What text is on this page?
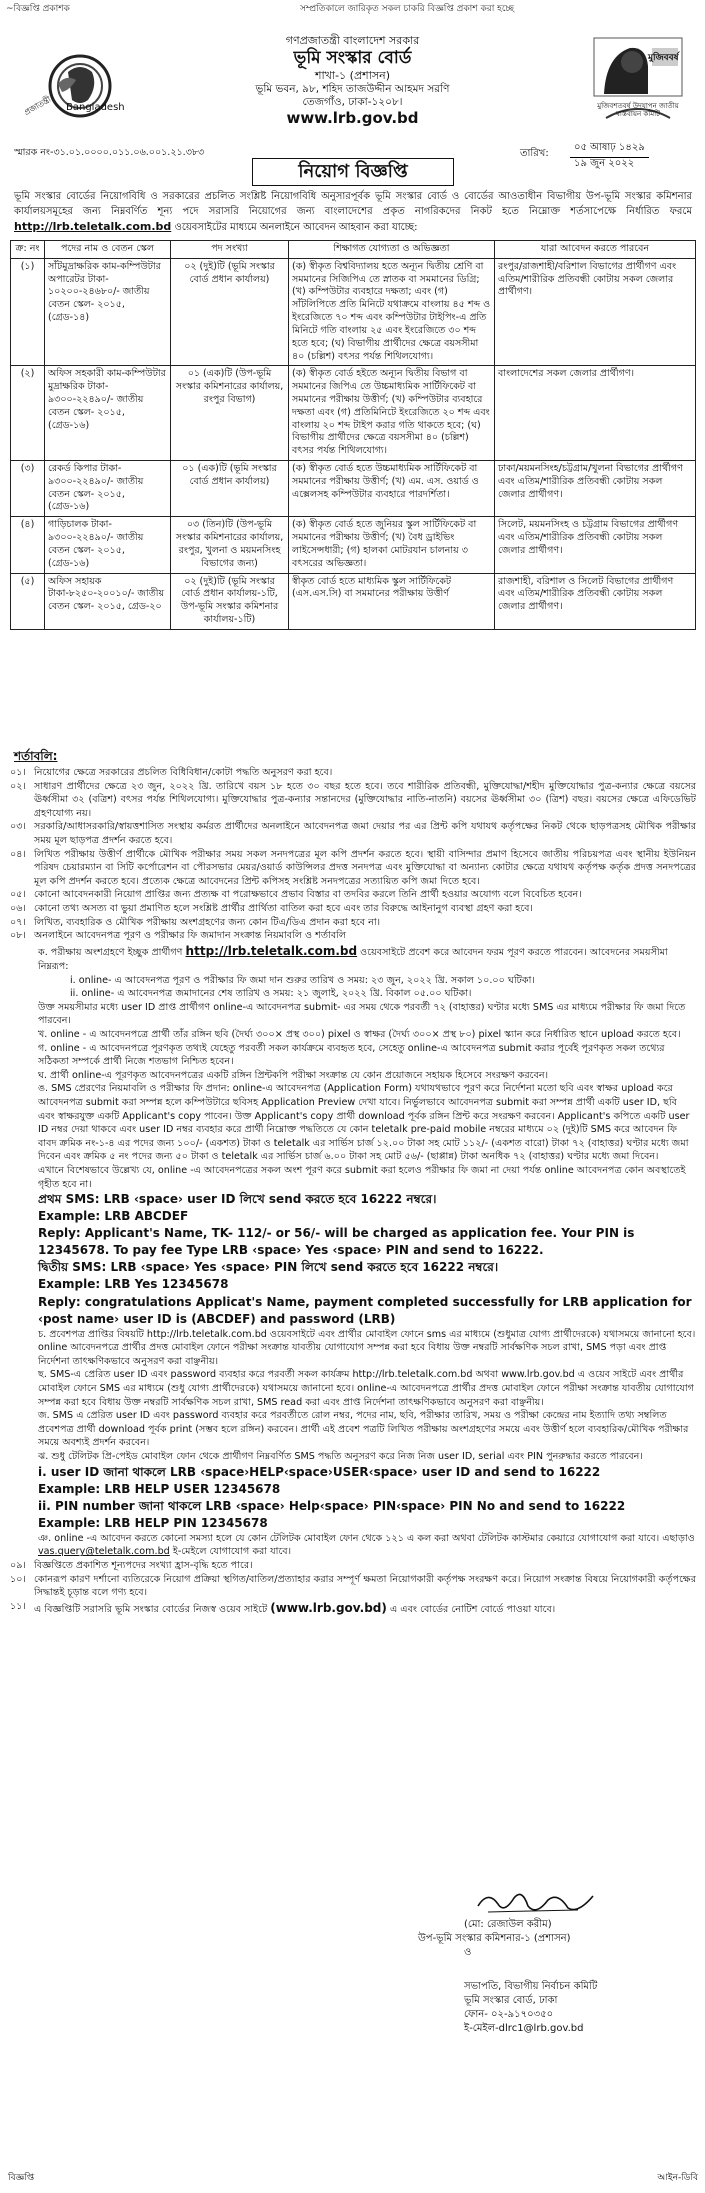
~বিজ্ঞপ্তি প্রকাশক	সম্প্রতিকালে জারিকৃত সকল চাকরি বিজ্ঞপ্তি প্রকাশ করা হচ্ছে
প্রজাতন্ত্রী Bangladesh
গণপ্রজাতন্ত্রী বাংলাদেশ সরকার
ভূমি সংস্কার বোর্ড
শাখা-১ (প্রশাসন)
ভূমি ভবন, ৯৮, শহিদ তাজউদ্দীন আহমদ সরণি
তেজগাঁও, ঢাকা-১২০৮।
www.lrb.gov.bd
মুজিববর্ষ
মুজিবশতবর্ষ উদযাপন জাতীয় বাস্তবায়ন কমিটি
স্মারক নং-৩১.০১.০০০০.০১১.০৬.০০১.২১.৩৮৩	তারিখ:
০৫ আষাঢ় ১৪২৯
১৯ জুন ২০২২
নিয়োগ বিজ্ঞপ্তি
ভূমি সংস্কার বোর্ডের নিয়োগবিধি ও সরকারের প্রচলিত সংশ্লিষ্ট নিয়োগবিধি অনুসারপূর্বক ভূমি সংস্কার বোর্ড ও বোর্ডের আওতাধীন বিভাগীয় উপ-ভূমি সংস্কার কমিশনার কার্যালয়সমূহের জন্য নিম্নবর্ণিত শূন্য পদে সরাসরি নিয়োগের জন্য বাংলাদেশের প্রকৃত নাগরিকদের নিকট হতে নিম্নোক্ত শর্তসাপেক্ষে নির্ধারিত ফরমে http://lrb.teletalk.com.bd ওয়েবসাইটের মাধ্যমে অনলাইনে আবেদন আহবান করা যাচ্ছে:
ক্র: নং	পদের নাম ও বেতন স্কেল	পদ সংখ্যা	শিক্ষাগত যোগ্যতা ও অভিজ্ঞতা	যারা আবেদন করতে পারবেন
(১)	সাঁটমুদ্রাক্ষরিক কাম-কম্পিউটার অপারেটর টাকা- ১০২০০-২৪৬৮০/- জাতীয় বেতন স্কেল- ২০১৫, (গ্রেড-১৪)	০২ (দুই)টি (ভূমি সংস্কার বোর্ড প্রধান কার্যালয়)	(ক) স্বীকৃত বিশ্ববিদ্যালয় হতে অন্যূন দ্বিতীয় শ্রেণি বা সমমানের সিজিপিএ তে স্নাতক বা সমমানের ডিগ্রি; (খ) কম্পিউটার ব্যবহারে দক্ষতা; এবং (গ) সাঁটলিপিতে প্রতি মিনিটে যথাক্রমে বাংলায় ৪৫ শব্দ ও ইংরেজিতে ৭০ শব্দ এবং কম্পিউটার টাইপিং-এ প্রতি মিনিটে গতি বাংলায় ২৫ এবং ইংরেজিতে ৩০ শব্দ হতে হবে; (ঘ) বিভাগীয় প্রার্থীদের ক্ষেত্রে বয়সসীমা ৪০ (চল্লিশ) বৎসর পর্যন্ত শিথিলযোগ্য।	রংপুর/রাজশাহী/বরিশাল বিভাগের প্রার্থীগণ এবং এতিম/শারীরিক প্রতিবন্ধী কোটায় সকল জেলার প্রার্থীগণ।
(২)	অফিস সহকারী কাম-কম্পিউটার মুদ্রাক্ষরিক টাকা- ৯৩০০-২২৪৯০/- জাতীয় বেতন স্কেল- ২০১৫, (গ্রেড-১৬)	০১ (এক)টি (উপ-ভূমি সংস্কার কমিশনারের কার্যালয়, রংপুর বিভাগ)	(ক) স্বীকৃত বোর্ড হইতে অন্যূন দ্বিতীয় বিভাগ বা সমমানের জিপিএ তে উচ্চমাধ্যমিক সার্টিফিকেট বা সমমানের পরীক্ষায় উত্তীর্ণ; (খ) কম্পিউটার ব্যবহারে দক্ষতা এবং (গ) প্রতিমিনিটে ইংরেজিতে ২০ শব্দ এবং বাংলায় ২০ শব্দ টাইপ করার গতি থাকতে হবে; (ঘ) বিভাগীয় প্রার্থীদের ক্ষেত্রে বয়সসীমা ৪০ (চল্লিশ) বৎসর পর্যন্ত শিথিলযোগ্য।	বাংলাদেশের সকল জেলার প্রার্থীগণ।
(৩)	রেকর্ড কিপার টাকা- ৯৩০০-২২৪৯০/- জাতীয় বেতন স্কেল- ২০১৫, (গ্রেড-১৬)	০১ (এক)টি (ভূমি সংস্কার বোর্ড প্রধান কার্যালয়)	(ক) স্বীকৃত বোর্ড হতে উচ্চমাধ্যমিক সার্টিফিকেট বা সমমানের পরীক্ষায় উত্তীর্ণ; (খ) এম. এস. ওয়ার্ড ও এক্সেলসহ কম্পিউটার ব্যবহারে পারদর্শিতা।	ঢাকা/ময়মনসিংহ/চট্টগ্রাম/খুলনা বিভাগের প্রার্থীগণ এবং এতিম/শারীরিক প্রতিবন্ধী কোটায় সকল জেলার প্রার্থীগণ।
(৪)	গাড়িচালক টাকা- ৯৩০০-২২৪৯০/- জাতীয় বেতন স্কেল- ২০১৫, (গ্রেড-১৬)	০৩ (তিন)টি (উপ-ভূমি সংস্কার কমিশনারের কার্যালয়, রংপুর, খুলনা ও ময়মনসিংহ বিভাগের জন্য)	(ক) স্বীকৃত বোর্ড হতে জুনিয়র স্কুল সার্টিফিকেট বা সমমানের পরীক্ষায় উত্তীর্ণ; (খ) বৈধ ড্রাইভিং লাইসেন্সধারী; (গ) হালকা মোটরযান চালনায় ৩ বৎসরের অভিজ্ঞতা।	সিলেট, ময়মনসিংহ ও চট্টগ্রাম বিভাগের প্রার্থীগণ এবং এতিম/শারীরিক প্রতিবন্ধী কোটায় সকল জেলার প্রার্থীগণ।
(৫)	অফিস সহায়ক টাকা-৮২৫০-২০০১০/- জাতীয় বেতন স্কেল- ২০১৫, গ্রেড-২০	০২ (দুই)টি (ভূমি সংস্কার বোর্ড প্রধান কার্যালয়-১টি, উপ-ভূমি সংস্কার কমিশনার কার্যালয়-১টি)	স্বীকৃত বোর্ড হতে মাধ্যমিক স্কুল সার্টিফিকেট (এস.এস.সি) বা সমমানের পরীক্ষায় উত্তীর্ণ	রাজশাহী, বরিশাল ও সিলেট বিভাগের প্রার্থীগণ এবং এতিম/শারীরিক প্রতিবন্ধী কোটায় সকল জেলার প্রার্থীগণ।
শর্তাবলি:
০১। নিয়োগের ক্ষেত্রে সরকারের প্রচলিত বিধিবিধান/কোটা পদ্ধতি অনুসরণ করা হবে।
০২। সাধারণ প্রার্থীদের ক্ষেত্রে ২৩ জুন, ২০২২ খ্রি. তারিখে বয়স ১৮ হতে ৩০ বছর হতে হবে। তবে শারীরিক প্রতিবন্ধী, মুক্তিযোদ্ধা/শহীদ মুক্তিযোদ্ধার পুত্র-কন্যার ক্ষেত্রে বয়সের ঊর্ধ্বসীমা ৩২ (বত্রিশ) বৎসর পর্যন্ত শিথিলযোগ্য। মুক্তিযোদ্ধার পুত্র-কন্যার সন্তানদের (মুক্তিযোদ্ধার নাতি-নাতনি) বয়সের ঊর্ধ্বসীমা ৩০ (ত্রিশ) বছর। বয়সের ক্ষেত্রে এফিডেভিট গ্রহণযোগ্য নয়।
০৩। সরকারি/আধাসরকারি/স্বায়ত্তশাসিত সংস্থায় কর্মরত প্রার্থীদের অনলাইনে আবেদনপত্র জমা দেয়ার পর এর প্রিন্ট কপি যথাযথ কর্তৃপক্ষের নিকট থেকে ছাড়পত্রসহ মৌখিক পরীক্ষার সময় মূল ছাড়পত্র প্রদর্শন করতে হবে।
০৪। লিখিত পরীক্ষায় উত্তীর্ণ প্রার্থীকে মৌখিক পরীক্ষার সময় সকল সনদপত্রের মূল কপি প্রদর্শন করতে হবে। স্থায়ী বাসিন্দার প্রমাণ হিসেবে জাতীয় পরিচয়পত্র এবং স্থানীয় ইউনিয়ন পরিষদ চেয়ারম্যান বা সিটি কর্পোরেশন বা পৌরসভার মেয়র/ওয়ার্ড কাউন্সিলর প্রদত্ত সনদপত্র এবং মুক্তিযোদ্ধা বা অন্যান্য কোটার ক্ষেত্রে যথাযথ কর্তৃপক্ষ কর্তৃক প্রদত্ত সনদপত্রের মূল কপি প্রদর্শন করতে হবে। প্রত্যেক ক্ষেত্রে আবেদনের প্রিন্ট কপিসহ সংশ্লিষ্ট সনদপত্রের সত্যায়িত কপি জমা দিতে হবে।
০৫। কোনো আবেদনকারী নিয়োগ প্রাপ্তির জন্য প্রত্যক্ষ বা পরোক্ষভাবে প্রভাব বিস্তার বা তদবির করলে তিনি প্রার্থী হওয়ার অযোগ্য বলে বিবেচিত হবেন।
০৬। কোনো তথ্য অসত্য বা ভুয়া প্রমাণিত হলে সংশ্লিষ্ট প্রার্থীর প্রার্থিতা বাতিল করা হবে এবং তার বিরুদ্ধে আইনানুগ ব্যবস্থা গ্রহণ করা হবে।
০৭। লিখিত, ব্যবহারিক ও মৌখিক পরীক্ষায় অংশগ্রহণের জন্য কোন টিএ/ডিএ প্রদান করা হবে না।
০৮। অনলাইনে আবেদনপত্র পূরণ ও পরীক্ষার ফি জমাদান সংক্রান্ত নিয়মাবলি ও শর্তাবলি
ক. পরীক্ষায় অংশগ্রহণে ইচ্ছুক প্রার্থীগণ http://lrb.teletalk.com.bd ওয়েবসাইটে প্রবেশ করে আবেদন ফরম পূরণ করতে পারবেন। আবেদনের সময়সীমা নিম্নরূপ:
i. online- এ আবেদনপত্র পূরণ ও পরীক্ষার ফি জমা দান শুরুর তারিখ ও সময়: ২৩ জুন, ২০২২ খ্রি. সকাল ১০.০০ ঘটিকা।
ii. online- এ আবেদনপত্র জমাদানের শেষ তারিখ ও সময়: ২১ জুলাই, ২০২২ খ্রি. বিকাল ০৫.০০ ঘটিকা।
উক্ত সময়সীমার মধ্যে user ID প্রাপ্ত প্রার্থীগণ online-এ আবেদনপত্র submit- এর সময় থেকে পরবর্তী ৭২ (বাহাত্তর) ঘণ্টার মধ্যে SMS এর মাধ্যমে পরীক্ষার ফি জমা দিতে পারবেন।
খ. online - এ আবেদনপত্রে প্রার্থী তাঁর রঙ্গিন ছবি (দৈর্ঘ্য ৩০০× প্রস্থ ৩০০) pixel ও স্বাক্ষর (দৈর্ঘ্য ৩০০× প্রস্থ ৮০) pixel স্ক্যান করে নির্ধারিত স্থানে upload করতে হবে।
গ. online - এ আবেদনপত্রে পূরণকৃত তথ্যই যেহেতু পরবর্তী সকল কার্যক্রমে ব্যবহৃত হবে, সেহেতু online-এ আবেদনপত্র submit করার পূর্বেই পূরণকৃত সকল তথ্যের সঠিকতা সম্পর্কে প্রার্থী নিজে শতভাগ নিশ্চিত হবেন।
ঘ. প্রার্থী online-এ পূরণকৃত আবেদনপত্রের একটি রঙ্গিন প্রিন্টকপি পরীক্ষা সংক্রান্ত যে কোন প্রয়োজনে সহায়ক হিসেবে সংরক্ষণ করবেন।
ঙ. SMS প্রেরণের নিয়মাবলি ও পরীক্ষার ফি প্রদান: online-এ আবেদনপত্র (Application Form) যথাযথভাবে পূরণ করে নির্দেশনা মতো ছবি এবং স্বাক্ষর upload করে আবেদনপত্র submit করা সম্পন্ন হলে কম্পিউটারে ছবিসহ Application Preview দেখা যাবে। নির্ভুলভাবে আবেদনপত্র submit করা সম্পন্ন প্রার্থী একটি user ID, ছবি এবং স্বাক্ষরযুক্ত একটি Applicant's copy পাবেন। উক্ত Applicant's copy প্রার্থী download পূর্বক রঙ্গিন প্রিন্ট করে সংরক্ষণ করবেন। Applicant's কপিতে একটি user ID নম্বর দেয়া থাকবে এবং user ID নম্বর ব্যবহার করে প্রার্থী নিম্নোক্ত পদ্ধতিতে যে কোন teletalk pre-paid mobile নম্বরের মাধ্যমে ০২ (দুই)টি SMS করে আবেদন ফি বাবদ ক্রমিক নং-১-৪ এর পদের জন্য ১০০/- (একশত) টাকা ও teletalk এর সার্ভিস চার্জ ১২.০০ টাকা সহ মোট ১১২/- (একশত বারো) টাকা ৭২ (বাহাত্তর) ঘণ্টার মধ্যে জমা দিবেন এবং ক্রমিক ৫ নং পদের জন্য ৫০ টাকা ও teletalk এর সার্ভিস চার্জ ৬.০০ টাকা সহ মোট ৫৬/- (ছাপ্পান্ন) টাকা অনধিক ৭২ (বাহাত্তর) ঘণ্টার মধ্যে জমা দিবেন।
এখানে বিশেষভাবে উল্লেখ্য যে, online -এ আবেদনপত্রের সকল অংশ পূরণ করে submit করা হলেও পরীক্ষার ফি জমা না দেয়া পর্যন্ত online আবেদনপত্র কোন অবস্থাতেই গৃহীত হবে না।
প্রথম SMS: LRB ‹space› user ID লিখে send করতে হবে 16222 নম্বরে।
Example: LRB ABCDEF
Reply: Applicant's Name, TK- 112/- or 56/- will be charged as application fee. Your PIN is 12345678. To pay fee Type LRB ‹space› Yes ‹space› PIN and send to 16222.
দ্বিতীয় SMS: LRB ‹space› Yes ‹space› PIN লিখে send করতে হবে 16222 নম্বরে।
Example: LRB Yes 12345678
Reply: congratulations Applicat's Name, payment completed successfully for LRB application for ‹post name› user ID is (ABCDEF) and password (LRB)
চ. প্রবেশপত্র প্রাপ্তির বিষয়টি http://lrb.teletalk.com.bd ওয়েবসাইটে এবং প্রার্থীর মোবাইল ফোনে sms এর মাধ্যমে (শুধুমাত্র যোগ্য প্রার্থীদেরকে) যথাসময়ে জানানো হবে। online আবেদনপত্রে প্রার্থীর প্রদত্ত মোবাইল ফোনে পরীক্ষা সংক্রান্ত যাবতীয় যোগাযোগ সম্পন্ন করা হবে বিধায় উক্ত নম্বরটি সার্বক্ষণিক সচল রাখা, SMS পড়া এবং প্রাপ্ত নির্দেশনা তাৎক্ষণিকভাবে অনুসরণ করা বাঞ্ছনীয়।
ছ. SMS-এ প্রেরিত user ID এবং password ব্যবহার করে পরবর্তী সকল কার্যক্রম http://lrb.teletalk.com.bd অথবা www.lrb.gov.bd এ ওয়েব সাইটে এবং প্রার্থীর মোবাইল ফোনে SMS এর মাধ্যমে (শুধু যোগ্য প্রার্থীদেরকে) যথাসময়ে জানানো হবে। online-এ আবেদনপত্রে প্রার্থীর প্রদত্ত মোবাইল ফোনে পরীক্ষা সংক্রান্ত যাবতীয় যোগাযোগ সম্পন্ন করা হবে বিধায় উক্ত নম্বরটি সার্বক্ষণিক সচল রাখা, SMS read করা এবং প্রাপ্ত নির্দেশনা তাৎক্ষণিকভাবে অনুসরণ করা বাঞ্ছনীয়।
জ. SMS এ প্রেরিত user ID এবং password ব্যবহার করে পরবর্তীতে রোল নম্বর, পদের নাম, ছবি, পরীক্ষার তারিখ, সময় ও পরীক্ষা কেন্দ্রের নাম ইত্যাদি তথ্য সম্বলিত প্রবেশপত্র প্রার্থী download পূর্বক print (সম্ভব হলে রঙ্গিন) করবেন। প্রার্থী এই প্রবেশ পত্রটি লিখিত পরীক্ষায় অংশগ্রহণের সময়ে এবং উত্তীর্ণ হলে ব্যবহারিক/মৌখিক পরীক্ষার সময়ে অবশ্যই প্রদর্শন করবেন।
ঝ. শুধু টেলিটক প্রি-পেইড মোবাইল ফোন থেকে প্রার্থীগণ নিম্নবর্ণিত SMS পদ্ধতি অনুসরণ করে নিজ নিজ user ID, serial এবং PIN পুনরুদ্ধার করতে পারবেন।
i. user ID জানা থাকলে LRB ‹space›HELP‹space›USER‹space› user ID and send to 16222
Example: LRB HELP USER 12345678
ii. PIN number জানা থাকলে LRB ‹space› Help‹space› PIN‹space› PIN No and send to 16222
Example: LRB HELP PIN 12345678
ঞ. online -এ আবেদন করতে কোনো সমস্যা হলে যে কোন টেলিটক মোবাইল ফোন থেকে ১২১ এ কল করা অথবা টেলিটক কাস্টমার কেয়ারে যোগাযোগ করা যাবে। এছাড়াও vas.query@teletalk.com.bd ই-মেইলে যোগাযোগ করা যাবে।
০৯। বিজ্ঞপ্তিতে প্রকাশিত শূন্যপদের সংখ্যা হ্রাস-বৃদ্ধি হতে পারে।
১০। কোনরূপ কারণ দর্শানো ব্যতিরেকে নিয়োগ প্রক্রিয়া স্থগিত/বাতিল/প্রত্যাহার করার সম্পূর্ণ ক্ষমতা নিয়োগকারী কর্তৃপক্ষ সংরক্ষণ করে। নিয়োগ সংক্রান্ত বিষয়ে নিয়োগকারী কর্তৃপক্ষের সিদ্ধান্তই চূড়ান্ত বলে গণ্য হবে।
১১। এ বিজ্ঞপ্তিটি সরাসরি ভূমি সংস্কার বোর্ডের নিজস্ব ওয়েব সাইটে (www.lrb.gov.bd) এ এবং বোর্ডের নোটিশ বোর্ডে পাওয়া যাবে।
(মো: রেজাউল করীম)
উপ-ভূমি সংস্কার কমিশনার-১ (প্রশাসন)
ও
সভাপতি, বিভাগীয় নির্বাচন কমিটি
ভূমি সংস্কার বোর্ড, ঢাকা
ফোন- ০২-৯১৭০৩৫০
ই-মেইল-dlrc1@lrb.gov.bd
বিজ্ঞপ্তি	আইন-ডিবি
